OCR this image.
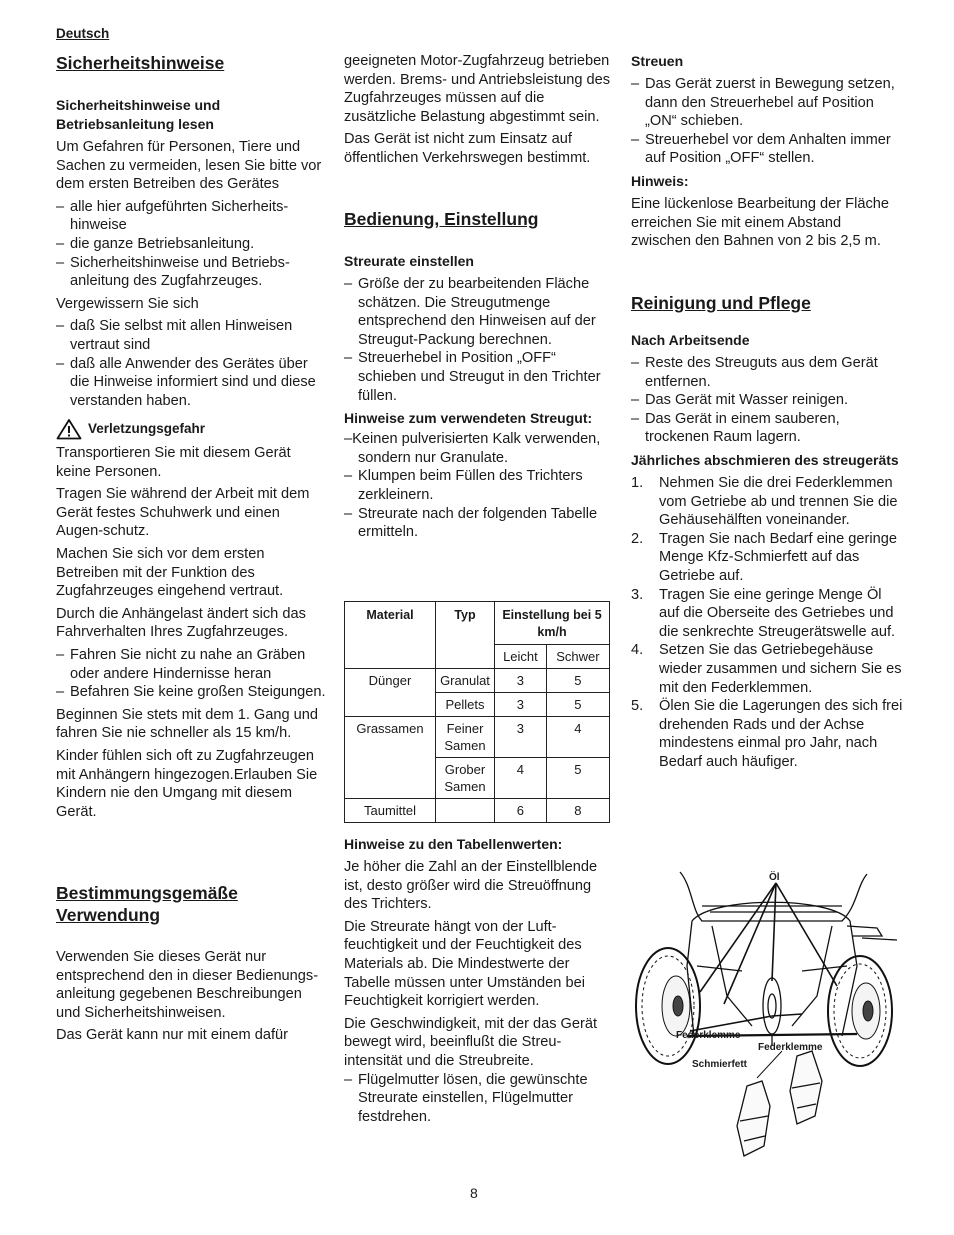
Deutsch
Sicherheitshinweise
Sicherheitshinweise und Betriebsanleitung lesen

Um Gefahren für Personen, Tiere und Sachen zu vermeiden, lesen Sie bitte vor dem ersten Betreiben des Gerätes

– alle hier aufgeführten Sicherheits-hinweise
– die ganze Betriebsanleitung.
– Sicherheitshinweise und Betriebs-anleitung des Zugfahrzeuges.

Vergewissern Sie sich

– daß Sie selbst mit allen Hinweisen vertraut sind
– daß alle Anwender des Gerätes über die Hinweise informiert sind und diese verstanden haben.
Verletzungsgefahr

Transportieren Sie mit diesem Gerät keine Personen.

Tragen Sie während der Arbeit mit dem Gerät festes Schuhwerk und einen Augen-schutz.

Machen Sie sich vor dem ersten Betreiben mit der Funktion des Zugfahrzeuges eingehend vertraut.

Durch die Anhängelast ändert sich das Fahrverhalten Ihres Zugfahrzeuges.

– Fahren Sie nicht zu nahe an Gräben oder andere Hindernisse heran
– Befahren Sie keine großen Steigungen.

Beginnen Sie stets mit dem 1. Gang und fahren Sie nie schneller als 15 km/h.

Kinder fühlen sich oft zu Zugfahrzeugen mit Anhängern hingezogen.Erlauben Sie Kindern nie den Umgang mit diesem Gerät.

Bestimmungsgemäße
Verwendung

Verwenden Sie dieses Gerät nur entsprechend den in dieser Bedienungs-anleitung gegebenen Beschreibungen und Sicherheitshinweisen.

Das Gerät kann nur mit einem dafür

geeigneten Motor-Zugfahrzeug betrieben werden. Brems- und Antriebsleistung des Zugfahrzeuges müssen auf die zusätzliche Belastung abgestimmt sein.

Das Gerät ist nicht zum Einsatz auf öffentlichen Verkehrswegen bestimmt.

Bedienung, Einstellung
Streurate einstellen
– Größe der zu bearbeitenden Fläche schätzen. Die Streugutmenge entsprechend den Hinweisen auf der Streugut-Packung berechnen.
– Streuerhebel in Position „OFF“ schieben und Streugut in den Trichter füllen.
Hinweise zum verwendeten Streugut:

–Keinen pulverisierten Kalk verwenden, sondern nur Granulate.

– Klumpen beim Füllen des Trichters zerkleinern.
– Streurate nach der folgenden Tabelle ermitteln.
Material	Typ	Einstellung bei 5 km/h	
		Leicht	Schwer
Dünger	Granulat	3	5
	Pellets	3	5
Grassamen	Feiner Samen	3	4
	Grober Samen	4	5
Taumittel		6	8
Hinweise zu den Tabellenwerten:

Je höher die Zahl an der Einstellblende ist, desto größer wird die Streuöffnung des Trichters.

Die Streurate hängt von der Luft-feuchtigkeit und der Feuchtigkeit des Materials ab. Die Mindestwerte der Tabelle müssen unter Umständen bei Feuchtigkeit korrigiert werden.

Die Geschwindigkeit, mit der das Gerät bewegt wird, beeinflußt die Streu-intensität und die Streubreite.

– Flügelmutter lösen, die gewünschte Streurate einstellen, Flügelmutter festdrehen.
Streuen
– Das Gerät zuerst in Bewegung setzen, dann den Streuerhebel auf Position „ON“ schieben.
– Streuerhebel vor dem Anhalten immer auf Position „OFF“ stellen.
Hinweis:

Eine lückenlose Bearbeitung der Fläche erreichen Sie mit einem Abstand zwischen den Bahnen von 2 bis 2,5 m.

Reinigung und Pflege
Nach Arbeitsende
– Reste des Streuguts aus dem Gerät entfernen.
– Das Gerät mit Wasser reinigen.
– Das Gerät in einem sauberen, trockenen Raum lagern.
Jährliches abschmieren des streugeräts
1. Nehmen Sie die drei Federklemmen vom Getriebe ab und trennen Sie die Gehäusehälften voneinander.
2. Tragen Sie nach Bedarf eine geringe Menge Kfz-Schmierfett auf das Getriebe auf.
3. Tragen Sie eine geringe Menge Öl auf die Oberseite des Getriebes und die senkrechte Streugerätswelle auf.
4. Setzen Sie das Getriebegehäuse wieder zusammen und sichern Sie es mit den Federklemmen.
5. Ölen Sie die Lagerungen des sich frei drehenden Rads und der Achse mindestens einmal pro Jahr, nach Bedarf auch häufiger.
Öl
Federklemme
Federklemme
Schmierfett
8
